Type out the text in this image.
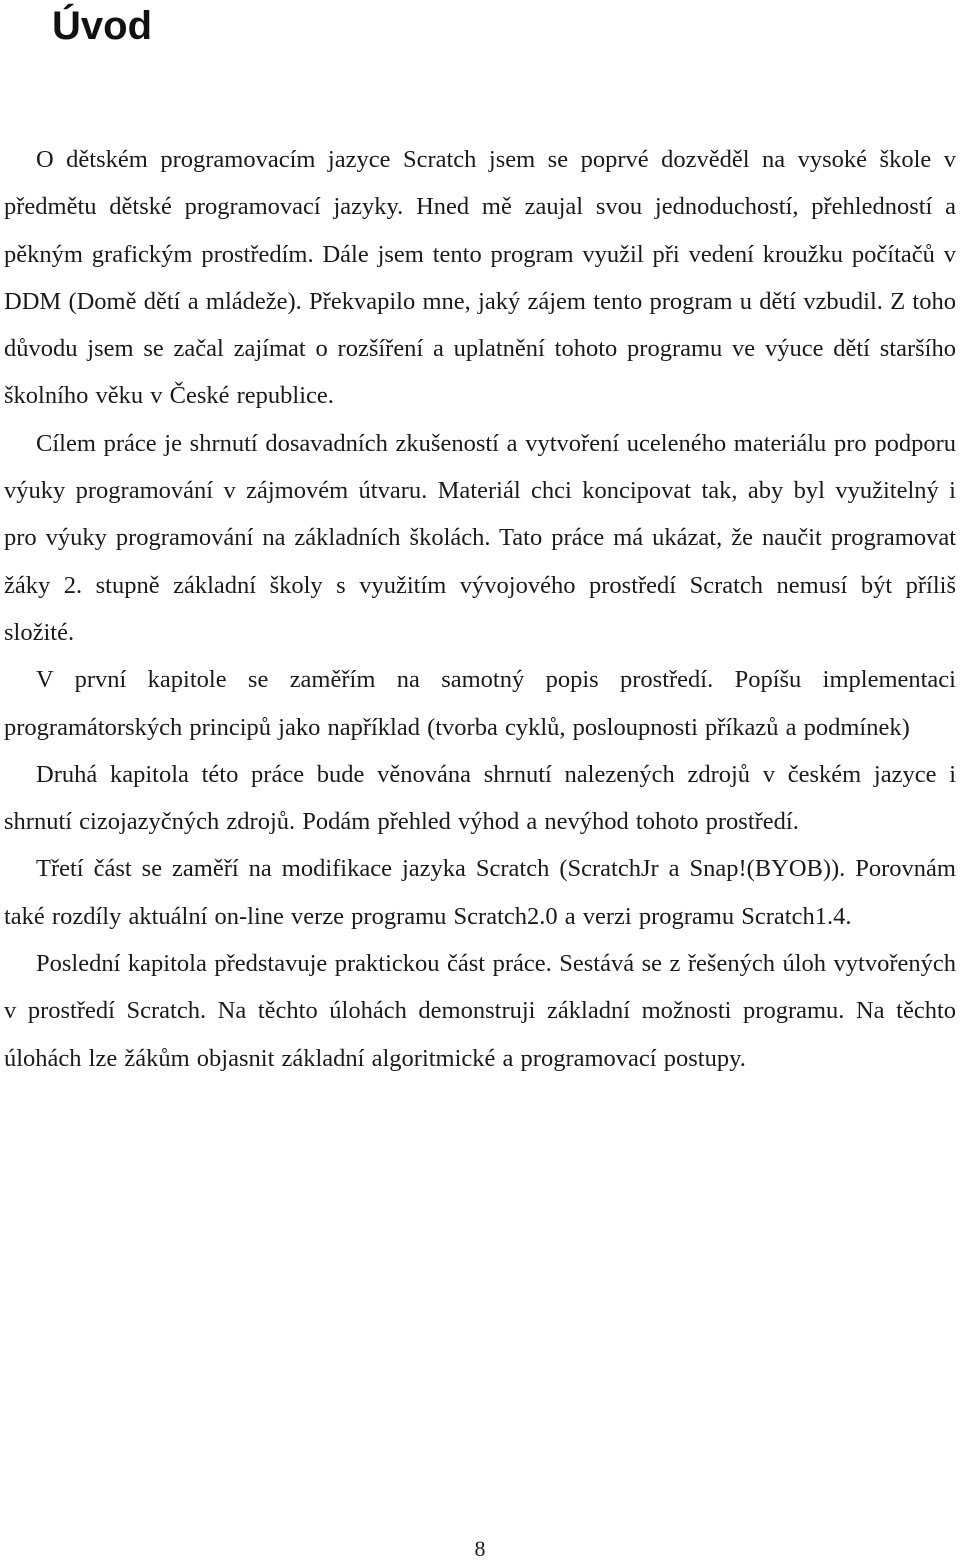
Úvod

O dětském programovacím jazyce Scratch jsem se poprvé dozvěděl na vysoké škole v předmětu dětské programovací jazyky. Hned mě zaujal svou jednoduchostí, přehledností a pěkným grafickým prostředím. Dále jsem tento program využil při vedení kroužku počítačů v DDM (Domě dětí a mládeže). Překvapilo mne, jaký zájem tento program u dětí vzbudil. Z toho důvodu jsem se začal zajímat o rozšíření a uplatnění tohoto programu ve výuce dětí staršího školního věku v České republice.

Cílem práce je shrnutí dosavadních zkušeností a vytvoření uceleného materiálu pro podporu výuky programování v zájmovém útvaru. Materiál chci koncipovat tak, aby byl využitelný i pro výuky programování na základních školách. Tato práce má ukázat, že naučit programovat žáky 2. stupně základní školy s využitím vývojového prostředí Scratch nemusí být příliš složité.

V první kapitole se zaměřím na samotný popis prostředí. Popíšu implementaci programátorských principů jako například (tvorba cyklů, posloupnosti příkazů a podmínek)

Druhá kapitola této práce bude věnována shrnutí nalezených zdrojů v českém jazyce i shrnutí cizojazyčných zdrojů. Podám přehled výhod a nevýhod tohoto prostředí.

Třetí část se zaměří na modifikace jazyka Scratch (ScratchJr a Snap!(BYOB)). Porovnám také rozdíly aktuální on-line verze programu Scratch2.0 a verzi programu Scratch1.4.

Poslední kapitola představuje praktickou část práce. Sestává se z řešených úloh vytvořených v prostředí Scratch. Na těchto úlohách demonstruji základní možnosti programu. Na těchto úlohách lze žákům objasnit základní algoritmické a programovací postupy.

8
